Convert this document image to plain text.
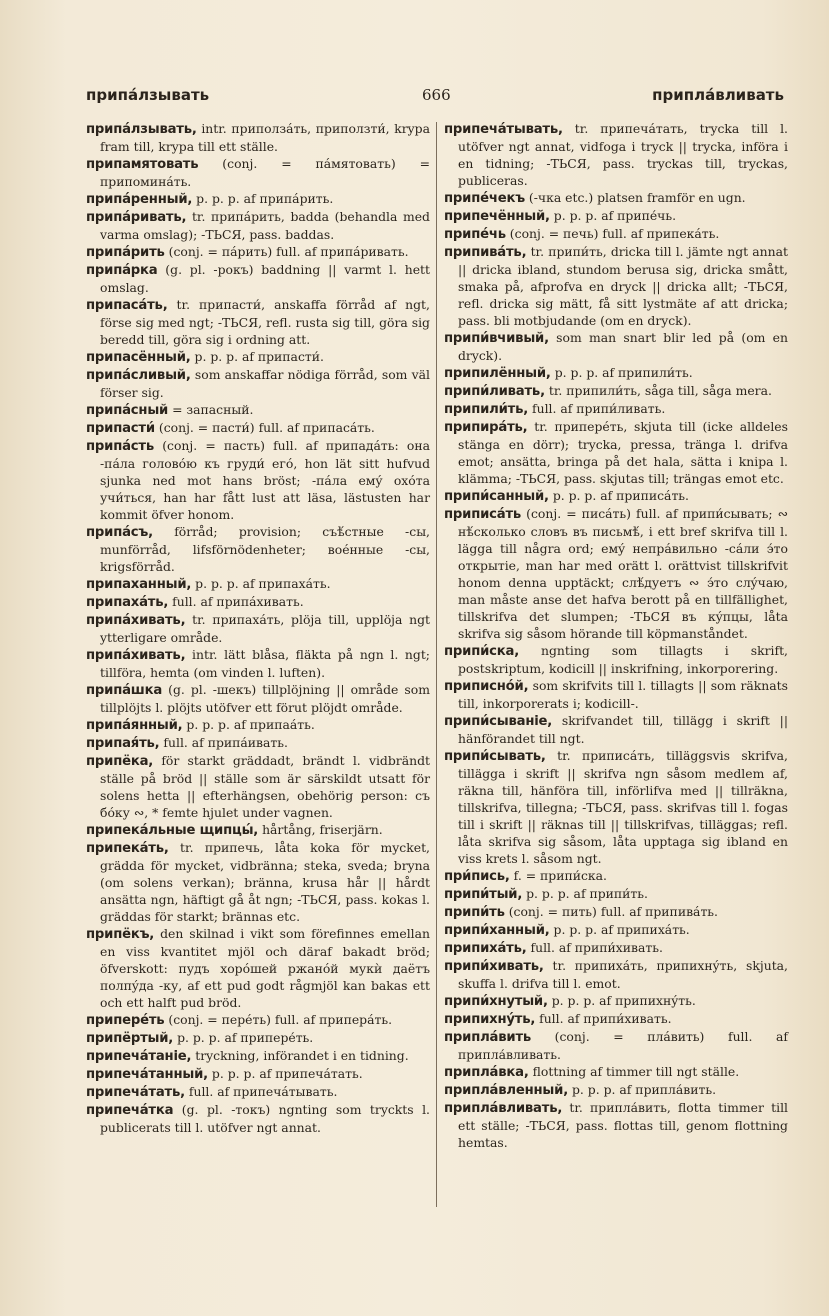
припа́лзывать	666	припла́вливать

припа́лзывать, intr. приползáть, приползти́, krypa fram till, krypa till ett ställe.

припамятовать (conj. = пáмятовать) = припоминáть.

припа́ренный, p. p. p. af припáрить.

припа́ривать, tr. припáрить, badda (behandla med varma omslag); -ТЬСЯ, pass. baddas.

припа́рить (conj. = пáрить) full. af припáривать.

припа́рка (g. pl. -рокъ) baddning || varmt l. hett omslag.

припаса́ть, tr. припасти́, anskaffa förråd af ngt, förse sig med ngt; -ТЬСЯ, refl. rusta sig till, göra sig beredd till, göra sig i ordning att.

припасённый, p. p. p. af припасти́.

припа́сливый, som anskaffar nödiga förråd, som väl förser sig.

припа́сный = запасный.

припасти́ (conj. = пасти́) full. af припасáть.

припа́сть (conj. = пасть) full. af припадáть: она -пáла головóю къ груди́ егó, hon lät sitt hufvud sjunka ned mot hans bröst; -пáла емý охóта учи́ться, han har fått lust att läsa, lästusten har kommit öfver honom.

припа́съ, förråd; provision; съѣ́стные -сы, munförråd, lifsförnödenheter; воéнные -сы, krigsförråd.

припаханный, p. p. p. af припахáть.

припаха́ть, full. af припáхивать.

припа́хивать, tr. припахáть, plöja till, upplöja ngt ytterligare område.

припа́хивать, intr. lätt blåsa, fläkta på ngn l. ngt; tillföra, hemta (om vinden l. luften).

припа́шка (g. pl. -шекъ) tillplöjning || område som tillplöjts l. plöjts utöfver ett förut plöjdt område.

припа́янный, p. p. p. af припаáть.

припая́ть, full. af припáивать.

припёка, för starkt gräddadt, brändt l. vidbrändt ställe på bröd || ställe som är särskildt utsatt för solens hetta || efterhängsen, obehörig person: съ бóку ∾, * femte hjulet under vagnen.

припека́льные щипцы́, hårtång, friserjärn.

припека́ть, tr. припечь, låta koka för mycket, grädda för mycket, vidbränna; steka, sveda; bryna (om solens verkan); bränna, krusa hår || hårdt ansätta ngn, häftigt gå åt ngn; -ТЬСЯ, pass. kokas l. gräddas för starkt; brännas etc.

припёкъ, den skilnad i vikt som förefinnes emellan en viss kvantitet mjöl och däraf bakadt bröd; öfverskott: пудъ хорóшей ржанóй мукѝ даётъ полпýда -ку, af ett pud godt rågmjöl kan bakas ett och ett halft pud bröd.

припере́ть (conj. = перéть) full. af приперáть.

припёртый, p. p. p. af припере́ть.

припеча́таніе, tryckning, införandet i en tidning.

припеча́танный, p. p. p. af припечáтать.

припеча́тать, full. af припечáтывать.

припеча́тка (g. pl. -токъ) ngnting som tryckts l. publicerats till l. utöfver ngt annat.

припеча́тывать, tr. припечáтать, trycka till l. utöfver ngt annat, vidfoga i tryck || trycka, införa i en tidning; -ТЬСЯ, pass. tryckas till, tryckas, publiceras.

припе́чекъ (-чка etc.) platsen framför en ugn.

припечённый, p. p. p. af припе́чь.

припе́чь (conj. = печь) full. af припекáть.

припива́ть, tr. припи́ть, dricka till l. jämte ngt annat || dricka ibland, stundom berusa sig, dricka smått, smaka på, afprofva en dryck || dricka allt; -ТЬСЯ, refl. dricka sig mätt, få sitt lystmäte af att dricka; pass. bli motbjudande (om en dryck).

припи́вчивый, som man snart blir led på (om en dryck).

припилённый, p. p. p. af припили́ть.

припи́ливать, tr. припили́ть, såga till, såga mera.

припили́ть, full. af припи́ливать.

припира́ть, tr. приперéть, skjuta till (icke alldeles stänga en dörr); trycka, pressa, tränga l. drifva emot; ansätta, bringa på det hala, sätta i knipa l. klämma; -ТЬСЯ, pass. skjutas till; trängas emot etc.

припи́санный, p. p. p. af приписáть.

приписа́ть (conj. = писáть) full. af припи́сывать; ∾ нѣ́сколько словъ въ письмѣ́, i ett bref skrifva till l. lägga till några ord; емý непрáвильно -сáли э́то открытіе, man har med orätt l. orättvist tillskrifvit honom denna upptäckt; слѣ́дуетъ ∾ э́то слýчаю, man måste anse det hafva berott på en tillfällighet, tillskrifva det slumpen; -ТЬСЯ въ кýпцы, låta skrifva sig såsom hörande till köpmanståndet.

припи́ска, ngnting som tillagts i skrift, postskriptum, kodicill || inskrifning, inkorporering.

приписно́й, som skrifvits till l. tillagts || som räknats till, inkorporerats i; kodicill-.

припи́сываніе, skrifvandet till, tillägg i skrift || hänförandet till ngt.

припи́сывать, tr. приписáть, tilläggsvis skrifva, tillägga i skrift || skrifva ngn såsom medlem af, räkna till, hänföra till, införlifva med || tillräkna, tillskrifva, tillegna; -ТЬСЯ, pass. skrifvas till l. fogas till i skrift || räknas till || tillskrifvas, tilläggas; refl. låta skrifva sig såsom, låta upptaga sig ibland en viss krets l. såsom ngt.

при́пись, f. = припи́ска.

припи́тый, p. p. p. af припи́ть.

припи́ть (conj. = пить) full. af припивáть.

припи́ханный, p. p. p. af припихáть.

припиха́ть, full. af припи́хивать.

припи́хивать, tr. припихáть, припихнýть, skjuta, skuffa l. drifva till l. emot.

припи́хнутый, p. p. p. af припихнýть.

припихну́ть, full. af припи́хивать.

припла́вить (conj. = плáвить) full. af припла́вливать.

припла́вка, flottning af timmer till ngt ställe.

припла́вленный, p. p. p. af припла́вить.

припла́вливать, tr. припла́вить, flotta timmer till ett ställe; -ТЬСЯ, pass. flottas till, genom flottning hemtas.
